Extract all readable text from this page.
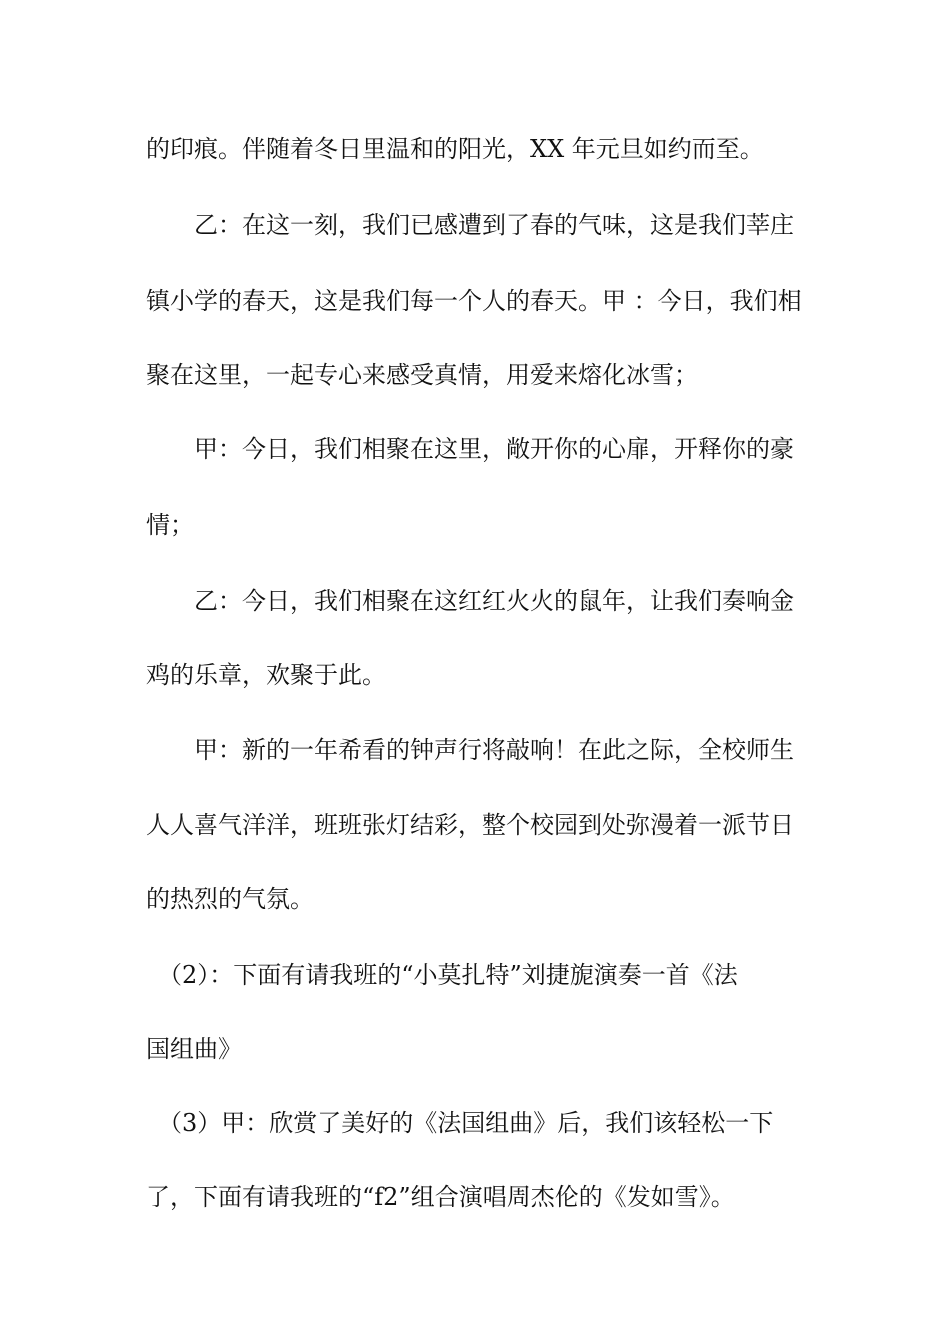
的印痕。伴随着冬日里温和的阳光，XX 年元旦如约而至。
　　乙：在这一刻，我们已感遭到了春的气味，这是我们莘庄
镇小学的春天，这是我们每一个人的春天。甲 ：今日，我们相
聚在这里，一起专心来感受真情，用爱来熔化冰雪；
　　甲：今日，我们相聚在这里，敞开你的心扉，开释你的豪
情；
　　乙：今日，我们相聚在这红红火火的鼠年，让我们奏响金
鸡的乐章，欢聚于此。
　　甲：新的一年希看的钟声行将敲响！在此之际，全校师生
人人喜气洋洋，班班张灯结彩，整个校园到处弥漫着一派节日
的热烈的气氛。
　（2）：下面有请我班的“小莫扎特”刘捷旎演奏一首《法
国组曲》
　（3）甲：欣赏了美好的《法国组曲》后，我们该轻松一下
了，下面有请我班的“f2”组合演唱周杰伦的《发如雪》。
